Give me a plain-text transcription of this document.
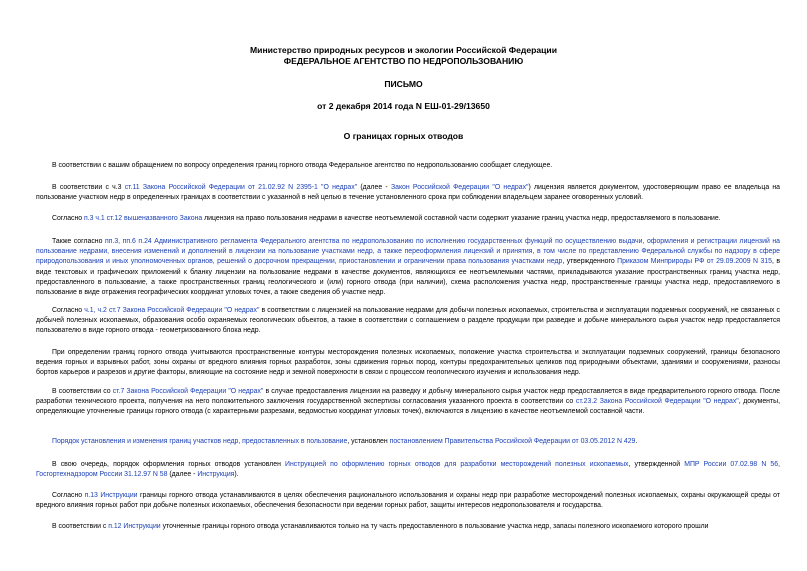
Министерство природных ресурсов и экологии Российской Федерации
ФЕДЕРАЛЬНОЕ АГЕНТСТВО ПО НЕДРОПОЛЬЗОВАНИЮ
ПИСЬМО
от 2 декабря 2014 года N ЕШ-01-29/13650
О границах горных отводов

В соответствии с вашим обращением по вопросу определения границ горного отвода Федеральное агентство по недропользованию сообщает следующее.

В соответствии с ч.3 ст.11 Закона Российской Федерации от 21.02.92 N 2395-1 "О недрах" (далее - Закон Российской Федерации "О недрах") лицензия является документом, удостоверяющим право ее владельца на пользование участком недр в определенных границах в соответствии с указанной в ней целью в течение установленного срока при соблюдении владельцем заранее оговоренных условий.

Согласно п.3 ч.1 ст.12 вышеназванного Закона лицензия на право пользования недрами в качестве неотъемлемой составной части содержит указание границ участка недр, предоставляемого в пользование.

Также согласно пп.3, пп.6 п.24 Административного регламента Федерального агентства по недропользованию по исполнению государственных функций по осуществлению выдачи, оформления и регистрации лицензий на пользование недрами, внесения изменений и дополнений в лицензии на пользование участками недр, а также переоформления лицензий и принятия, в том числе по представлению Федеральной службы по надзору в сфере природопользования и иных уполномоченных органов, решений о досрочном прекращении, приостановлении и ограничении права пользования участками недр, утвержденного Приказом Минприроды РФ от 29.09.2009 N 315, в виде текстовых и графических приложений к бланку лицензии на пользование недрами в качестве документов, являющихся ее неотъемлемыми частями, прикладываются указание пространственных границ участка недр, предоставленного в пользование, а также пространственных границ геологического и (или) горного отвода (при наличии), схема расположения участка недр, пространственные границы участка недр, предоставляемого в пользование в виде отражения географических координат угловых точек, а также сведения об участке недр.

Согласно ч.1, ч.2 ст.7 Закона Российской Федерации "О недрах" в соответствии с лицензией на пользование недрами для добычи полезных ископаемых, строительства и эксплуатации подземных сооружений, не связанных с добычей полезных ископаемых, образования особо охраняемых геологических объектов, а также в соответствии с соглашением о разделе продукции при разведке и добыче минерального сырья участок недр предоставляется пользователю в виде горного отвода - геометризованного блока недр.

При определении границ горного отвода учитываются пространственные контуры месторождения полезных ископаемых, положение участка строительства и эксплуатации подземных сооружений, границы безопасного ведения горных и взрывных работ, зоны охраны от вредного влияния горных разработок, зоны сдвижения горных пород, контуры предохранительных целиков под природными объектами, зданиями и сооружениями, разносы бортов карьеров и разрезов и другие факторы, влияющие на состояние недр и земной поверхности в связи с процессом геологического изучения и использования недр.

В соответствии со ст.7 Закона Российской Федерации "О недрах" в случае предоставления лицензии на разведку и добычу минерального сырья участок недр предоставляется в виде предварительного горного отвода. После разработки технического проекта, получения на него положительного заключения государственной экспертизы согласования указанного проекта в соответствии со ст.23.2 Закона Российской Федерации "О недрах", документы, определяющие уточненные границы горного отвода (с характерными разрезами, ведомостью координат угловых точек), включаются в лицензию в качестве неотъемлемой составной части.

Порядок установления и изменения границ участков недр, предоставленных в пользование, установлен постановлением Правительства Российской Федерации от 03.05.2012 N 429.

В свою очередь, порядок оформления горных отводов установлен Инструкцией по оформлению горных отводов для разработки месторождений полезных ископаемых, утвержденной МПР России 07.02.98 N 56, Госгортехнадзором России 31.12.97 N 58 (далее - Инструкция).

Согласно п.13 Инструкции границы горного отвода устанавливаются в целях обеспечения рационального использования и охраны недр при разработке месторождений полезных ископаемых, охраны окружающей среды от вредного влияния горных работ при добыче полезных ископаемых, обеспечения безопасности при ведении горных работ, защиты интересов недропользователя и государства.

В соответствии с п.12 Инструкции уточненные границы горного отвода устанавливаются только на ту часть предоставленного в пользование участка недр, запасы полезного ископаемого которого прошли
